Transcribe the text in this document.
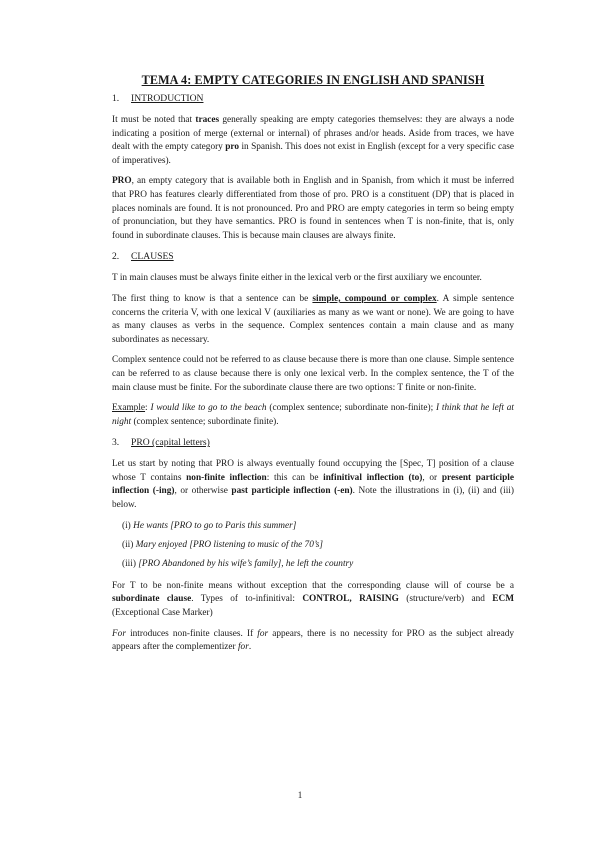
TEMA 4: EMPTY CATEGORIES IN ENGLISH AND SPANISH
1. INTRODUCTION

It must be noted that traces generally speaking are empty categories themselves: they are always a node indicating a position of merge (external or internal) of phrases and/or heads. Aside from traces, we have dealt with the empty category pro in Spanish. This does not exist in English (except for a very specific case of imperatives).

PRO, an empty category that is available both in English and in Spanish, from which it must be inferred that PRO has features clearly differentiated from those of pro. PRO is a constituent (DP) that is placed in places nominals are found. It is not pronounced. Pro and PRO are empty categories in term so being empty of pronunciation, but they have semantics. PRO is found in sentences when T is non-finite, that is, only found in subordinate clauses. This is because main clauses are always finite.

2. CLAUSES

T in main clauses must be always finite either in the lexical verb or the first auxiliary we encounter.

The first thing to know is that a sentence can be simple, compound or complex. A simple sentence concerns the criteria V, with one lexical V (auxiliaries as many as we want or none). We are going to have as many clauses as verbs in the sequence. Complex sentences contain a main clause and as many subordinates as necessary.

Complex sentence could not be referred to as clause because there is more than one clause. Simple sentence can be referred to as clause because there is only one lexical verb. In the complex sentence, the T of the main clause must be finite. For the subordinate clause there are two options: T finite or non-finite.

Example: I would like to go to the beach (complex sentence; subordinate non-finite); I think that he left at night (complex sentence; subordinate finite).

3. PRO (capital letters)

Let us start by noting that PRO is always eventually found occupying the [Spec, T] position of a clause whose T contains non-finite inflection: this can be infinitival inflection (to), or present participle inflection (-ing), or otherwise past participle inflection (-en). Note the illustrations in (i), (ii) and (iii) below.

(i) He wants [PRO to go to Paris this summer]
(ii) Mary enjoyed [PRO listening to music of the 70’s]
(iii) [PRO Abandoned by his wife’s family], he left the country

For T to be non-finite means without exception that the corresponding clause will of course be a subordinate clause. Types of to-infinitival: CONTROL, RAISING (structure/verb) and ECM (Exceptional Case Marker)

For introduces non-finite clauses. If for appears, there is no necessity for PRO as the subject already appears after the complementizer for.

1
